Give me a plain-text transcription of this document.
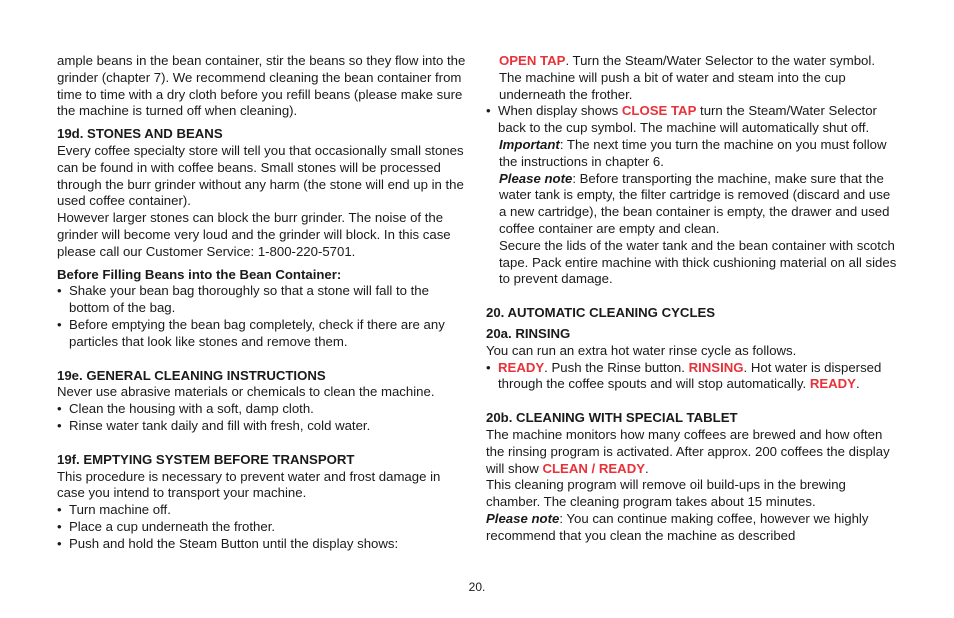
ample beans in the bean container, stir the beans so they flow into the grinder (chapter 7). We recommend cleaning the bean container from time to time with a dry cloth before you refill beans (please make sure the machine is turned off when cleaning).

19d. STONES AND BEANS

Every coffee specialty store will tell you that occasionally small stones can be found in with coffee beans. Small stones will be processed through the burr grinder without any harm (the stone will end up in the used coffee container).

However larger stones can block the burr grinder. The noise of the grinder will become very loud and the grinder will block. In this case please call our Customer Service: 1-800-220-5701.

Before Filling Beans into the Bean Container:

• Shake your bean bag thoroughly so that a stone will fall to the bottom of the bag.
• Before emptying the bean bag completely, check if there are any particles that look like stones and remove them.

19e. GENERAL CLEANING INSTRUCTIONS

Never use abrasive materials or chemicals to clean the machine.

• Clean the housing with a soft, damp cloth.
• Rinse water tank daily and fill with fresh, cold water.

19f. EMPTYING SYSTEM BEFORE TRANSPORT

This procedure is necessary to prevent water and frost damage in case you intend to transport your machine.

• Turn machine off.
• Place a cup underneath the frother.
• Push and hold the Steam Button until the display shows:

OPEN TAP. Turn the Steam/Water Selector to the water symbol. The machine will push a bit of water and steam into the cup underneath the frother.

• When display shows CLOSE TAP turn the Steam/Water Selector back to the cup symbol. The machine will automatically shut off.

Important: The next time you turn the machine on you must follow the instructions in chapter 6.

Please note: Before transporting the machine, make sure that the water tank is empty, the filter cartridge is removed (discard and use a new cartridge), the bean container is empty, the drawer and used coffee container are empty and clean.

Secure the lids of the water tank and the bean container with scotch tape. Pack entire machine with thick cushioning material on all sides to prevent damage.

20. AUTOMATIC CLEANING CYCLES

20a. RINSING

You can run an extra hot water rinse cycle as follows.

• READY. Push the Rinse button. RINSING. Hot water is dispersed through the coffee spouts and will stop automatically. READY.

20b. CLEANING WITH SPECIAL TABLET

The machine monitors how many coffees are brewed and how often the rinsing program is activated. After approx. 200 coffees the display will show CLEAN / READY.

This cleaning program will remove oil build-ups in the brewing chamber. The cleaning program takes about 15 minutes.

Please note: You can continue making coffee, however we highly recommend that you clean the machine as described

20.
